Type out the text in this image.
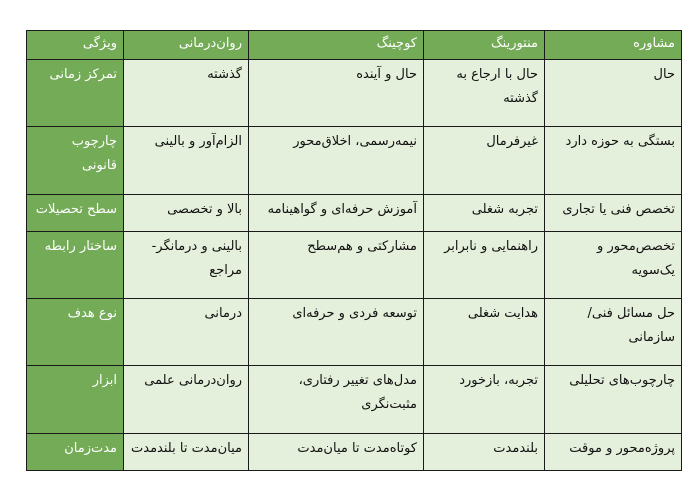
مشاوره	منتورینگ	کوچینگ	روان‌درمانی	ویژگی
حال	حال با ارجاع به گذشته	حال و آینده	گذشته	تمرکز زمانی
بستگی به حوزه دارد	غیرفرمال	نیمه‌رسمی، اخلاق‌محور	الزام‌آور و بالینی	چارچوب قانونی
تخصص فنی یا تجاری	تجربه شغلی	آموزش حرفه‌ای و گواهینامه	بالا و تخصصی	سطح تحصیلات
تخصص‌محور و یک‌سویه	راهنمایی و نابرابر	مشارکتی و هم‌سطح	بالینی و درمانگر-مراجع	ساختار رابطه
حل مسائل فنی/سازمانی	هدایت شغلی	توسعه فردی و حرفه‌ای	درمانی	نوع هدف
چارچوب‌های تحلیلی	تجربه، بازخورد	مدل‌های تغییر رفتاری، مثبت‌نگری	روان‌درمانی علمی	ابزار
پروژه‌محور و موقت	بلندمدت	کوتاه‌مدت تا میان‌مدت	میان‌مدت تا بلندمدت	مدت‌زمان
